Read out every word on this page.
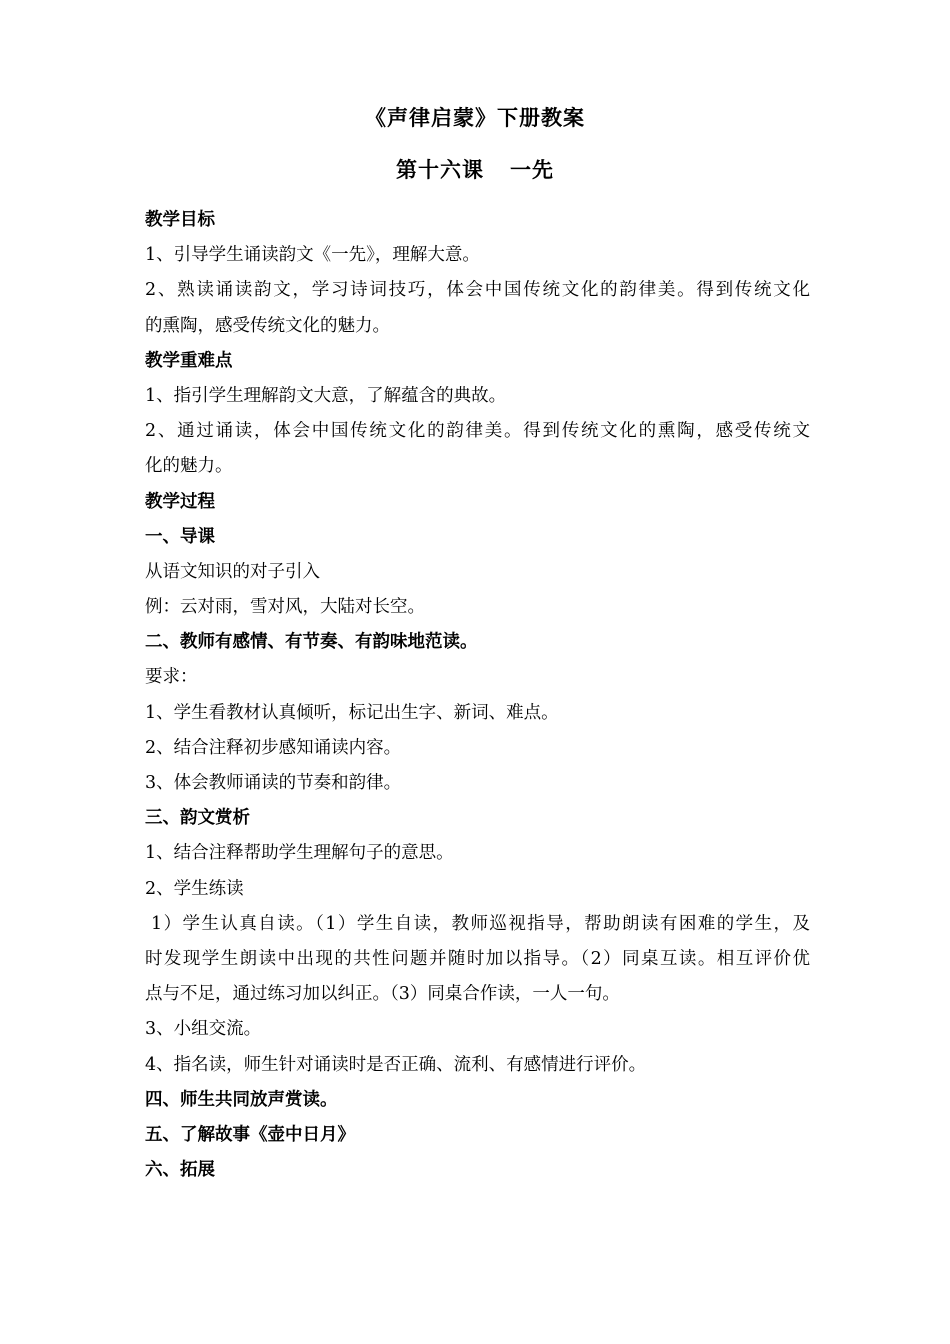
《声律启蒙》下册教案
第十六课 一先
教学目标
1、引导学生诵读韵文《一先》，理解大意。
2、熟读诵读韵文，学习诗词技巧，体会中国传统文化的韵律美。得到传统文化
的熏陶，感受传统文化的魅力。
教学重难点
1、指引学生理解韵文大意，了解蕴含的典故。
2、通过诵读，体会中国传统文化的韵律美。得到传统文化的熏陶，感受传统文
化的魅力。
教学过程
一、导课
从语文知识的对子引入
例：云对雨，雪对风，大陆对长空。
二、教师有感情、有节奏、有韵味地范读。
要求：
1、学生看教材认真倾听，标记出生字、新词、难点。
2、结合注释初步感知诵读内容。
3、体会教师诵读的节奏和韵律。
三、韵文赏析
1、结合注释帮助学生理解句子的意思。
2、学生练读
1）学生认真自读。（1）学生自读，教师巡视指导，帮助朗读有困难的学生，及
时发现学生朗读中出现的共性问题并随时加以指导。（2）同桌互读。相互评价优
点与不足，通过练习加以纠正。（3）同桌合作读，一人一句。
3、小组交流。
4、指名读，师生针对诵读时是否正确、流利、有感情进行评价。
四、师生共同放声赏读。
五、了解故事《壶中日月》
六、拓展
